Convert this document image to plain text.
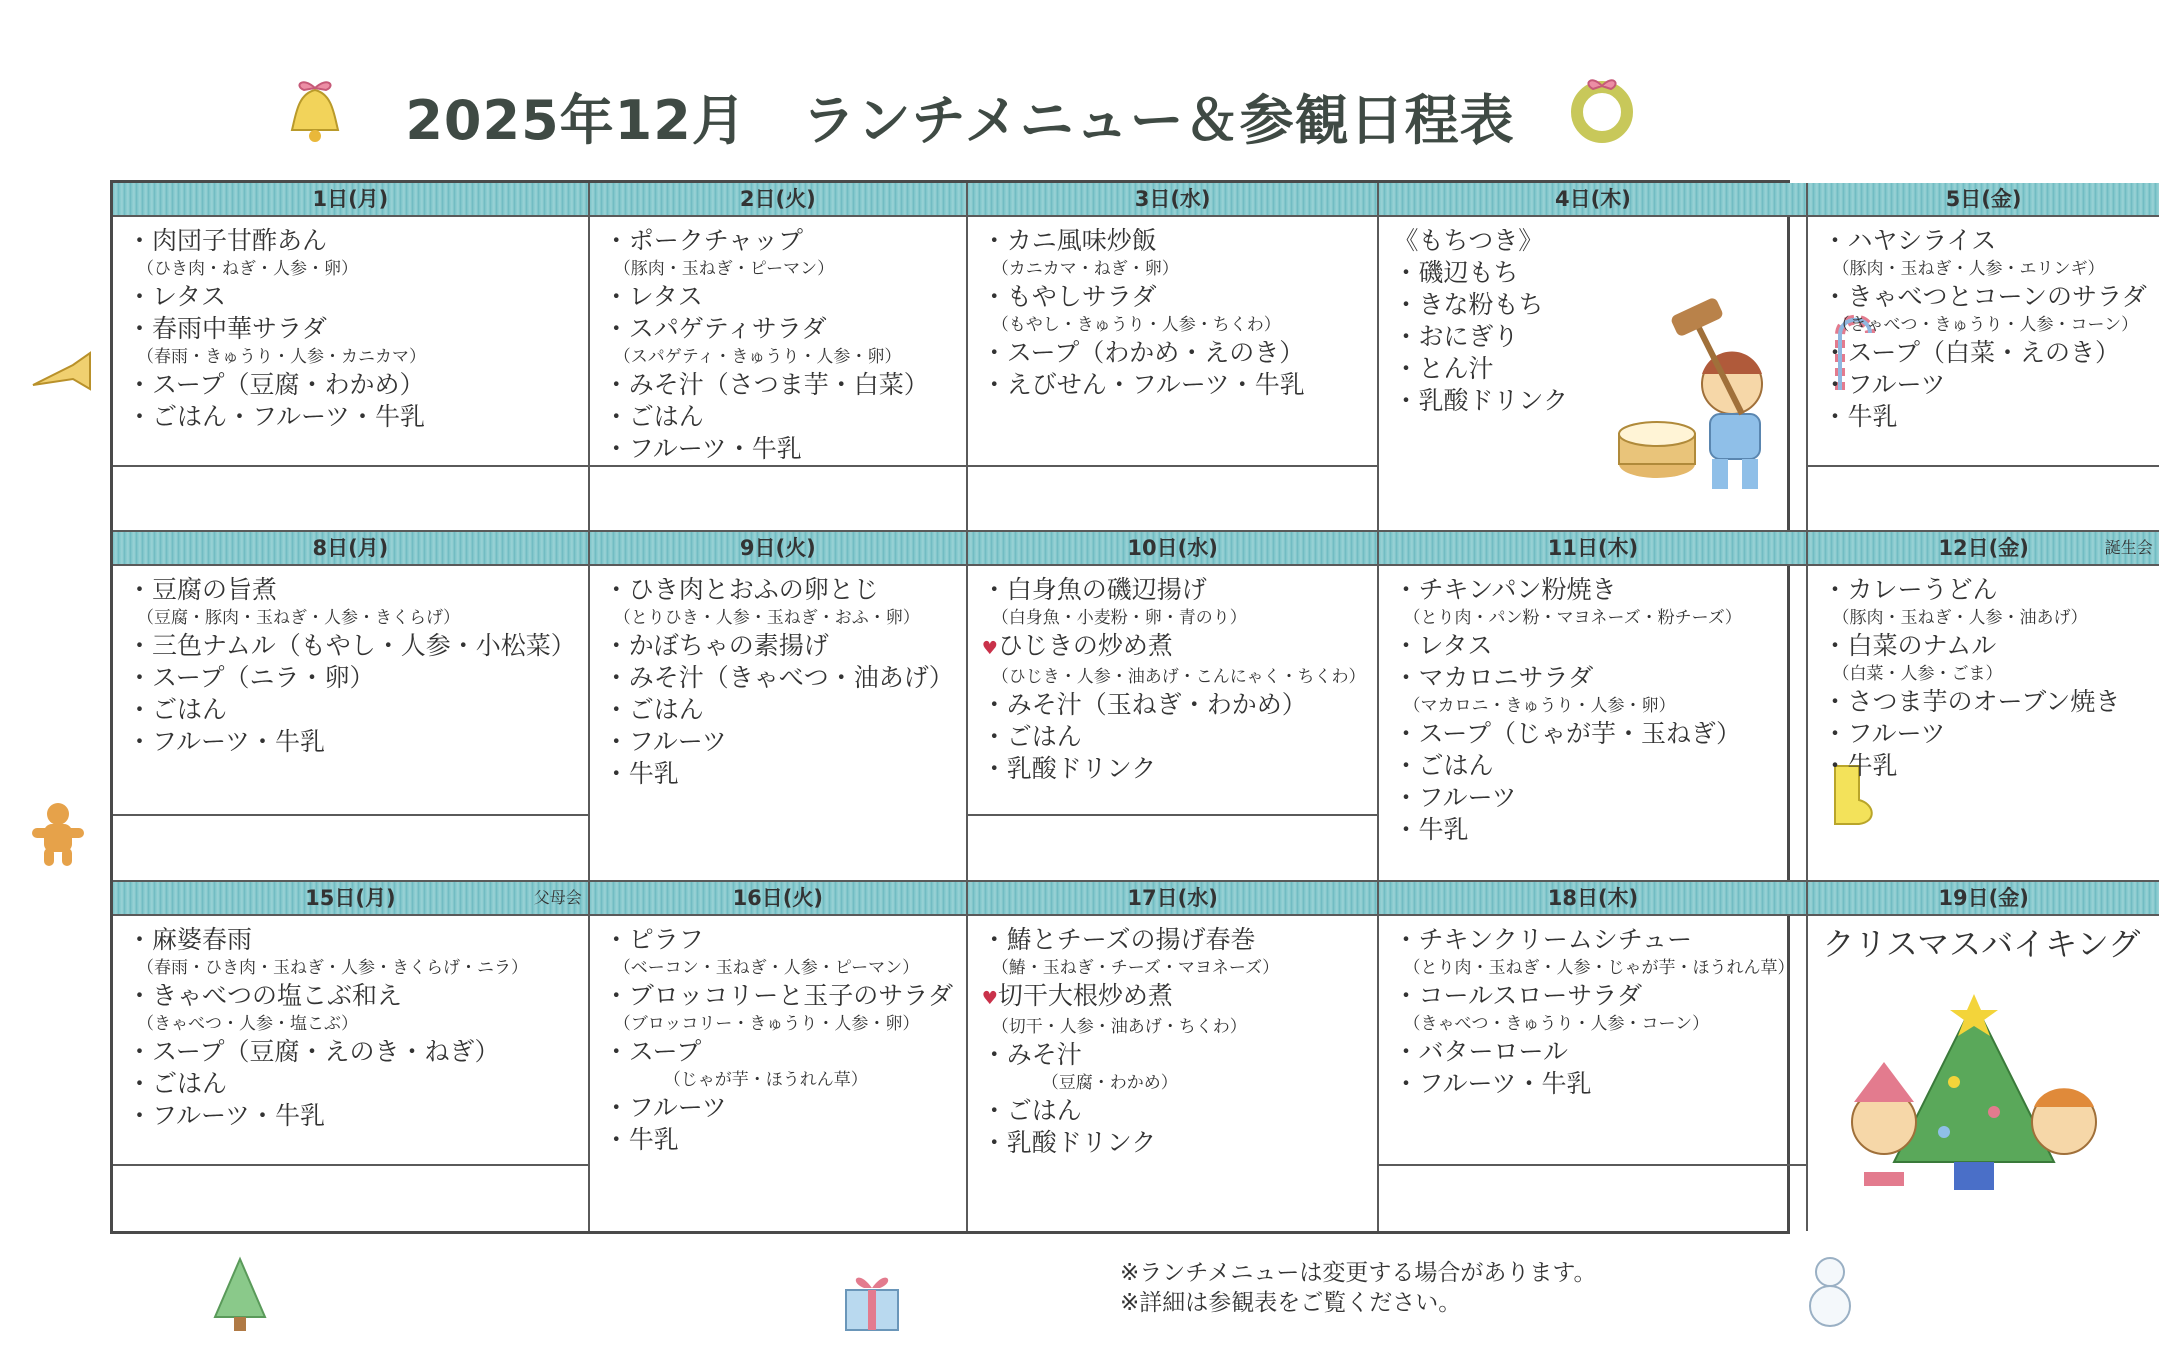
2025年12月　ランチメニュー＆参観日程表
1日(月)
・肉団子甘酢あん
（ひき肉・ねぎ・人参・卵）
・レタス
・春雨中華サラダ
（春雨・きゅうり・人参・カニカマ）
・スープ（豆腐・わかめ）
・ごはん・フルーツ・牛乳
2日(火)
・ポークチャップ
（豚肉・玉ねぎ・ピーマン）
・レタス
・スパゲティサラダ
（スパゲティ・きゅうり・人参・卵）
・みそ汁（さつま芋・白菜）
・ごはん
・フルーツ・牛乳
3日(水)
・カニ風味炒飯
（カニカマ・ねぎ・卵）
・もやしサラダ
（もやし・きゅうり・人参・ちくわ）
・スープ（わかめ・えのき）
・えびせん・フルーツ・牛乳
4日(木)
《もちつき》
・磯辺もち
・きな粉もち
・おにぎり
・とん汁
・乳酸ドリンク
5日(金)
・ハヤシライス
（豚肉・玉ねぎ・人参・エリンギ）
・きゃべつとコーンのサラダ
（きゃべつ・きゅうり・人参・コーン）
・スープ（白菜・えのき）
・フルーツ
・牛乳
8日(月)
・豆腐の旨煮
（豆腐・豚肉・玉ねぎ・人参・きくらげ）
・三色ナムル（もやし・人参・小松菜）
・スープ（ニラ・卵）
・ごはん
・フルーツ・牛乳
9日(火)
・ひき肉とおふの卵とじ
（とりひき・人参・玉ねぎ・おふ・卵）
・かぼちゃの素揚げ
・みそ汁（きゃべつ・油あげ）
・ごはん
・フルーツ
・牛乳
10日(水)
・白身魚の磯辺揚げ
（白身魚・小麦粉・卵・青のり）
♥ひじきの炒め煮
（ひじき・人参・油あげ・こんにゃく・ちくわ）
・みそ汁（玉ねぎ・わかめ）
・ごはん
・乳酸ドリンク
11日(木)
・チキンパン粉焼き
（とり肉・パン粉・マヨネーズ・粉チーズ）
・レタス
・マカロニサラダ
（マカロニ・きゅうり・人参・卵）
・スープ（じゃが芋・玉ねぎ）
・ごはん
・フルーツ
・牛乳
12日(金)	誕生会
・カレーうどん
（豚肉・玉ねぎ・人参・油あげ）
・白菜のナムル
（白菜・人参・ごま）
・さつま芋のオーブン焼き
・フルーツ
・牛乳
15日(月)	父母会
・麻婆春雨
（春雨・ひき肉・玉ねぎ・人参・きくらげ・ニラ）
・きゃべつの塩こぶ和え
（きゃべつ・人参・塩こぶ）
・スープ（豆腐・えのき・ねぎ）
・ごはん
・フルーツ・牛乳
16日(火)
・ピラフ
（ベーコン・玉ねぎ・人参・ピーマン）
・ブロッコリーと玉子のサラダ
（ブロッコリー・きゅうり・人参・卵）
・スープ
（じゃが芋・ほうれん草）
・フルーツ
・牛乳
17日(水)
・鰆とチーズの揚げ春巻
（鰆・玉ねぎ・チーズ・マヨネーズ）
♥切干大根炒め煮
（切干・人参・油あげ・ちくわ）
・みそ汁
（豆腐・わかめ）
・ごはん
・乳酸ドリンク
18日(木)
・チキンクリームシチュー
（とり肉・玉ねぎ・人参・じゃが芋・ほうれん草）
・コールスローサラダ
（きゃべつ・きゅうり・人参・コーン）
・バターロール
・フルーツ・牛乳
19日(金)
クリスマスバイキング
※ランチメニューは変更する場合があります。
※詳細は参観表をご覧ください。
